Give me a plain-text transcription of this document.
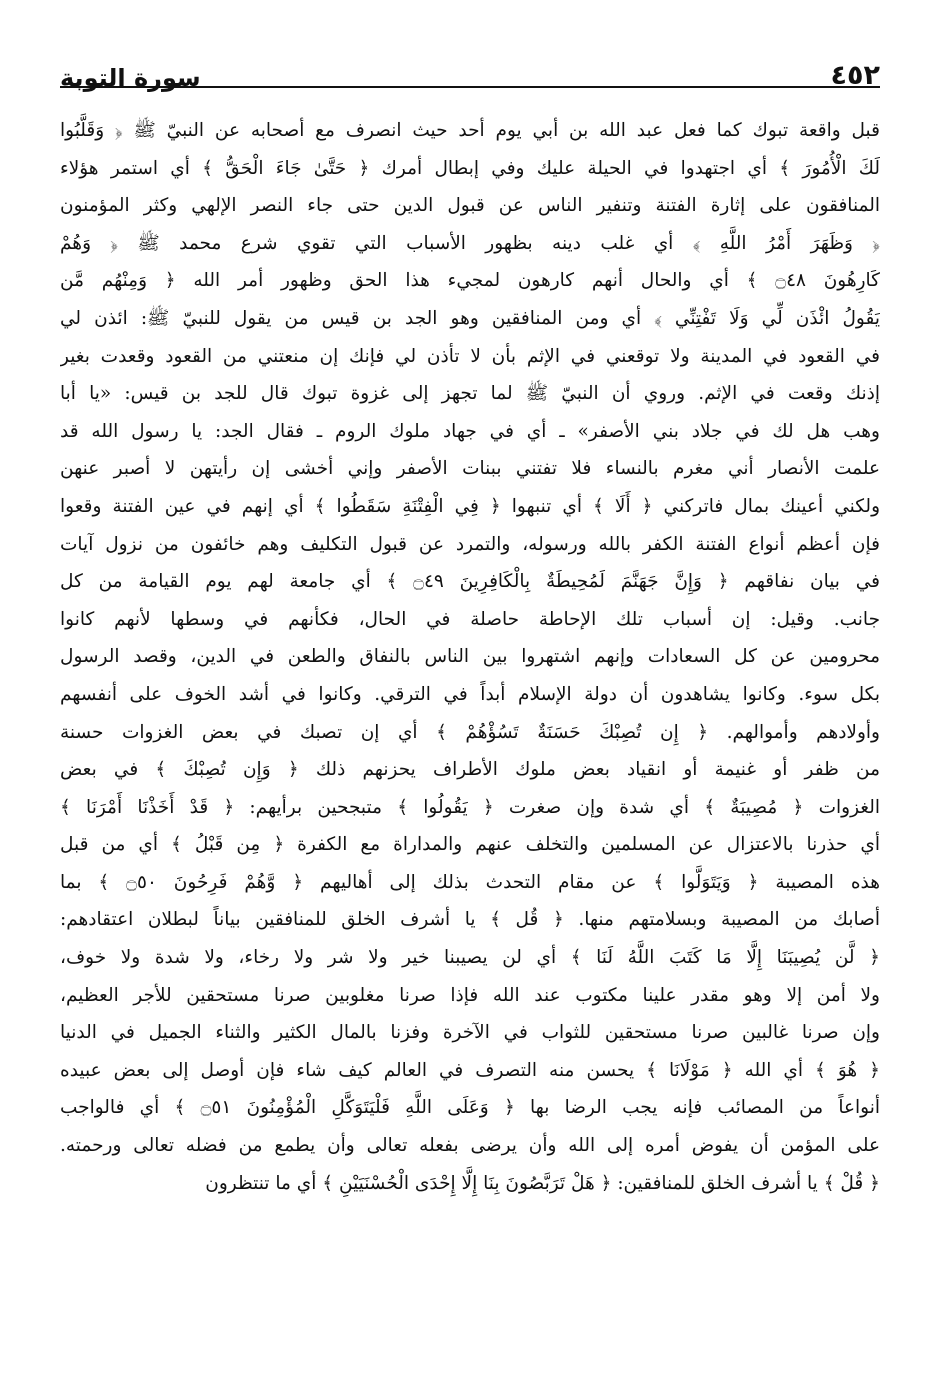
٤٥٢
سورة التوبة
قبل واقعة تبوك كما فعل عبد الله بن أبي يوم أحد حيث انصرف مع أصحابه عن النبيّ ﷺ ﴿ وَقَلَّبُوا
لَكَ الْأُمُورَ ﴾ أي اجتهدوا في الحيلة عليك وفي إبطال أمرك ﴿ حَتَّىٰ جَاءَ الْحَقُّ ﴾ أي استمر هؤلاء
المنافقون على إثارة الفتنة وتنفير الناس عن قبول الدين حتى جاء النصر الإلهي وكثر المؤمنون
﴿ وَظَهَرَ أَمْرُ اللَّهِ ﴾ أي غلب دينه بظهور الأسباب التي تقوي شرع محمد ﷺ ﴿ وَهُمْ
كَارِهُونَ ۝٤٨ ﴾ أي والحال أنهم كارهون لمجيء هذا الحق وظهور أمر الله ﴿ وَمِنْهُم مَّن
يَقُولُ ائْذَن لِّي وَلَا تَفْتِنِّي ﴾ أي ومن المنافقين وهو الجد بن قيس من يقول للنبيّ ﷺ: ائذن لي
في القعود في المدينة ولا توقعني في الإثم بأن لا تأذن لي فإنك إن منعتني من القعود وقعدت بغير
إذنك وقعت في الإثم. وروي أن النبيّ ﷺ لما تجهز إلى غزوة تبوك قال للجد بن قيس: «يا أبا
وهب هل لك في جلاد بني الأصفر» ـ أي في جهاد ملوك الروم ـ فقال الجد: يا رسول الله قد
علمت الأنصار أني مغرم بالنساء فلا تفتني ببنات الأصفر وإني أخشى إن رأيتهن لا أصبر عنهن
ولكني أعينك بمال فاتركني ﴿ أَلَا ﴾ أي تنبهوا ﴿ فِي الْفِتْنَةِ سَقَطُوا ﴾ أي إنهم في عين الفتنة وقعوا
فإن أعظم أنواع الفتنة الكفر بالله ورسوله، والتمرد عن قبول التكليف وهم خائفون من نزول آيات
في بيان نفاقهم ﴿ وَإِنَّ جَهَنَّمَ لَمُحِيطَةٌ بِالْكَافِرِينَ ۝٤٩ ﴾ أي جامعة لهم يوم القيامة من كل
جانب. وقيل: إن أسباب تلك الإحاطة حاصلة في الحال، فكأنهم في وسطها لأنهم كانوا
محرومين عن كل السعادات وإنهم اشتهروا بين الناس بالنفاق والطعن في الدين، وقصد الرسول
بكل سوء. وكانوا يشاهدون أن دولة الإسلام أبداً في الترقي. وكانوا في أشد الخوف على أنفسهم
وأولادهم وأموالهم. ﴿ إِن تُصِبْكَ حَسَنَةٌ تَسُؤْهُمْ ﴾ أي إن تصبك في بعض الغزوات حسنة
من ظفر أو غنيمة أو انقياد بعض ملوك الأطراف يحزنهم ذلك ﴿ وَإِن تُصِبْكَ ﴾ في بعض
الغزوات ﴿ مُصِيبَةٌ ﴾ أي شدة وإن صغرت ﴿ يَقُولُوا ﴾ متبجحين برأيهم: ﴿ قَدْ أَخَذْنَا أَمْرَنَا ﴾
أي حذرنا بالاعتزال عن المسلمين والتخلف عنهم والمداراة مع الكفرة ﴿ مِن قَبْلُ ﴾ أي من قبل
هذه المصيبة ﴿ وَيَتَوَلَّوا ﴾ عن مقام التحدث بذلك إلى أهاليهم ﴿ وَّهُمْ فَرِحُونَ ۝٥٠ ﴾ بما
أصابك من المصيبة وبسلامتهم منها. ﴿ قُل ﴾ يا أشرف الخلق للمنافقين بياناً لبطلان اعتقادهم:
﴿ لَّن يُصِيبَنَا إِلَّا مَا كَتَبَ اللَّهُ لَنَا ﴾ أي لن يصيبنا خير ولا شر ولا رخاء، ولا شدة ولا خوف،
ولا أمن إلا وهو مقدر علينا مكتوب عند الله فإذا صرنا مغلوبين صرنا مستحقين للأجر العظيم،
وإن صرنا غالبين صرنا مستحقين للثواب في الآخرة وفزنا بالمال الكثير والثناء الجميل في الدنيا
﴿ هُوَ ﴾ أي الله ﴿ مَوْلَانَا ﴾ يحسن منه التصرف في العالم كيف شاء فإن أوصل إلى بعض عبيده
أنواعاً من المصائب فإنه يجب الرضا بها ﴿ وَعَلَى اللَّهِ فَلْيَتَوَكَّلِ الْمُؤْمِنُونَ ۝٥١ ﴾ أي فالواجب
على المؤمن أن يفوض أمره إلى الله وأن يرضى بفعله تعالى وأن يطمع من فضله تعالى ورحمته.
﴿ قُلْ ﴾ يا أشرف الخلق للمنافقين: ﴿ هَلْ تَرَبَّصُونَ بِنَا إِلَّا إِحْدَى الْحُسْنَيَيْنِ ﴾ أي ما تنتظرون
